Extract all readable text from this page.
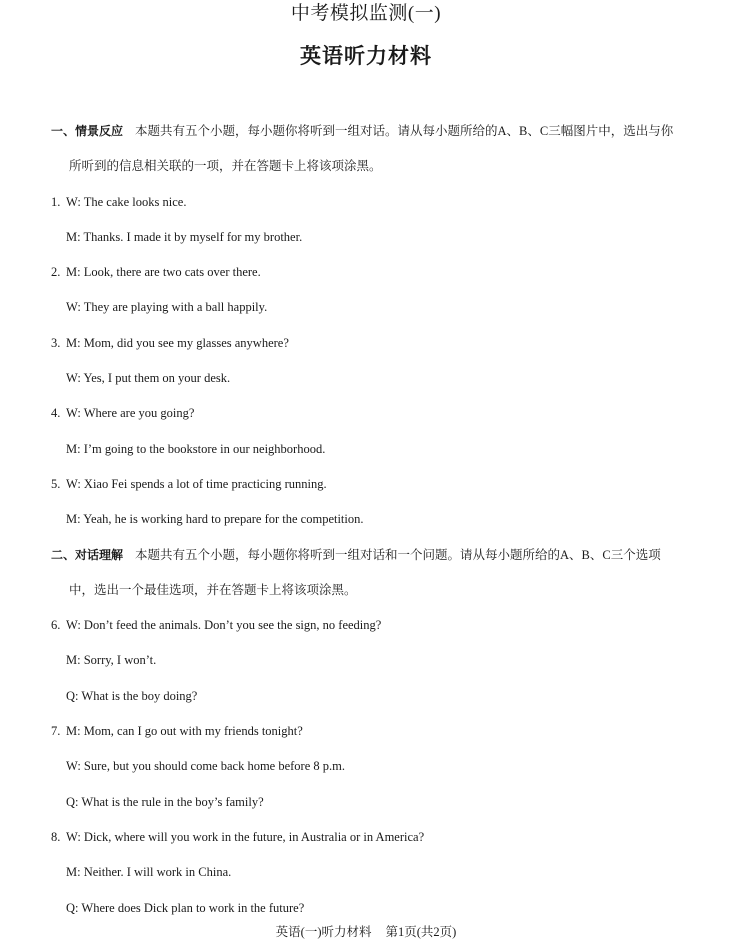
中考模拟监测(一)
英语听力材料
一、情景反应 本题共有五个小题，每小题你将听到一组对话。请从每小题所给的A、B、C三幅图片中，选出与你
所听到的信息相关联的一项，并在答题卡上将该项涂黑。
1. W: The cake looks nice.
M: Thanks. I made it by myself for my brother.
2. M: Look, there are two cats over there.
W: They are playing with a ball happily.
3. M: Mom, did you see my glasses anywhere?
W: Yes, I put them on your desk.
4. W: Where are you going?
M: I’m going to the bookstore in our neighborhood.
5. W: Xiao Fei spends a lot of time practicing running.
M: Yeah, he is working hard to prepare for the competition.
二、对话理解 本题共有五个小题，每小题你将听到一组对话和一个问题。请从每小题所给的A、B、C三个选项
中，选出一个最佳选项，并在答题卡上将该项涂黑。
6. W: Don’t feed the animals. Don’t you see the sign, no feeding?
M: Sorry, I won’t.
Q: What is the boy doing?
7. M: Mom, can I go out with my friends tonight?
W: Sure, but you should come back home before 8 p.m.
Q: What is the rule in the boy’s family?
8. W: Dick, where will you work in the future, in Australia or in America?
M: Neither. I will work in China.
Q: Where does Dick plan to work in the future?
英语(一)听力材料 第1页(共2页)
